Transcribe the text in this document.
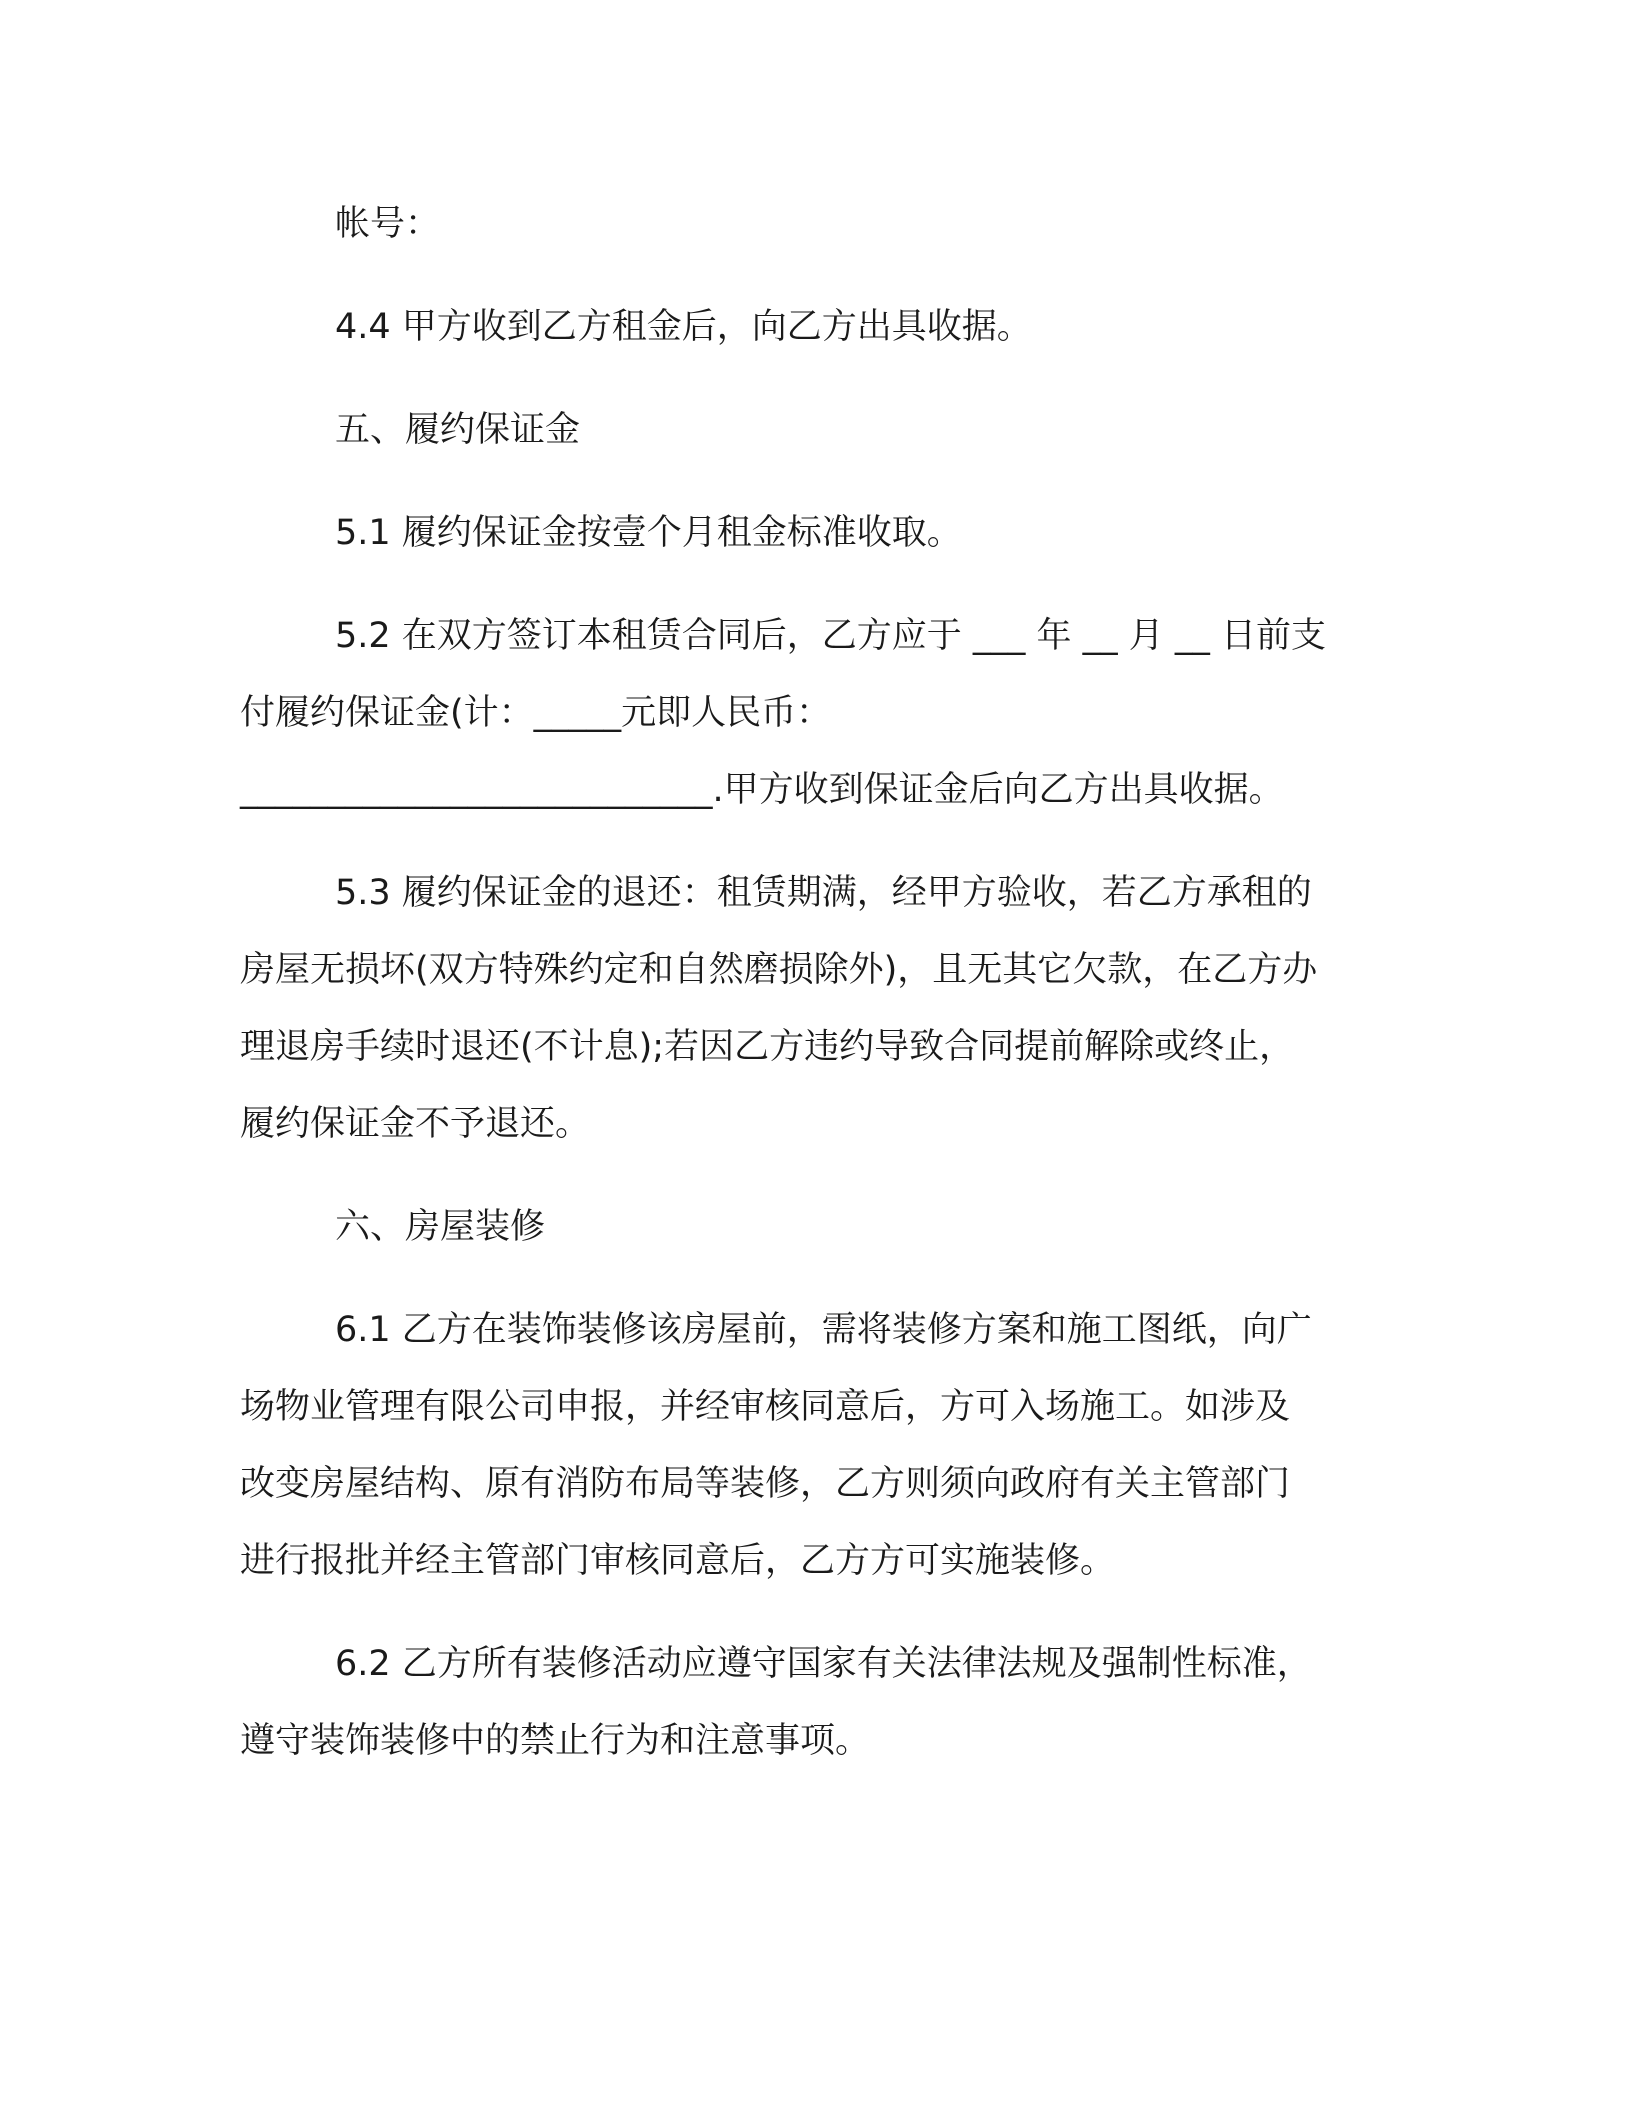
帐号：

4.4 甲方收到乙方租金后，向乙方出具收据。

五、履约保证金

5.1 履约保证金按壹个月租金标准收取。

5.2 在双方签订本租赁合同后，乙方应于 ___ 年 __ 月 __ 日前支
付履约保证金(计：_____元即人民币：
___________________________.甲方收到保证金后向乙方出具收据。

5.3 履约保证金的退还：租赁期满，经甲方验收，若乙方承租的
房屋无损坏(双方特殊约定和自然磨损除外)，且无其它欠款，在乙方办
理退房手续时退还(不计息);若因乙方违约导致合同提前解除或终止，
履约保证金不予退还。

六、房屋装修

6.1 乙方在装饰装修该房屋前，需将装修方案和施工图纸，向广
场物业管理有限公司申报，并经审核同意后，方可入场施工。如涉及
改变房屋结构、原有消防布局等装修，乙方则须向政府有关主管部门
进行报批并经主管部门审核同意后，乙方方可实施装修。

6.2 乙方所有装修活动应遵守国家有关法律法规及强制性标准，
遵守装饰装修中的禁止行为和注意事项。
